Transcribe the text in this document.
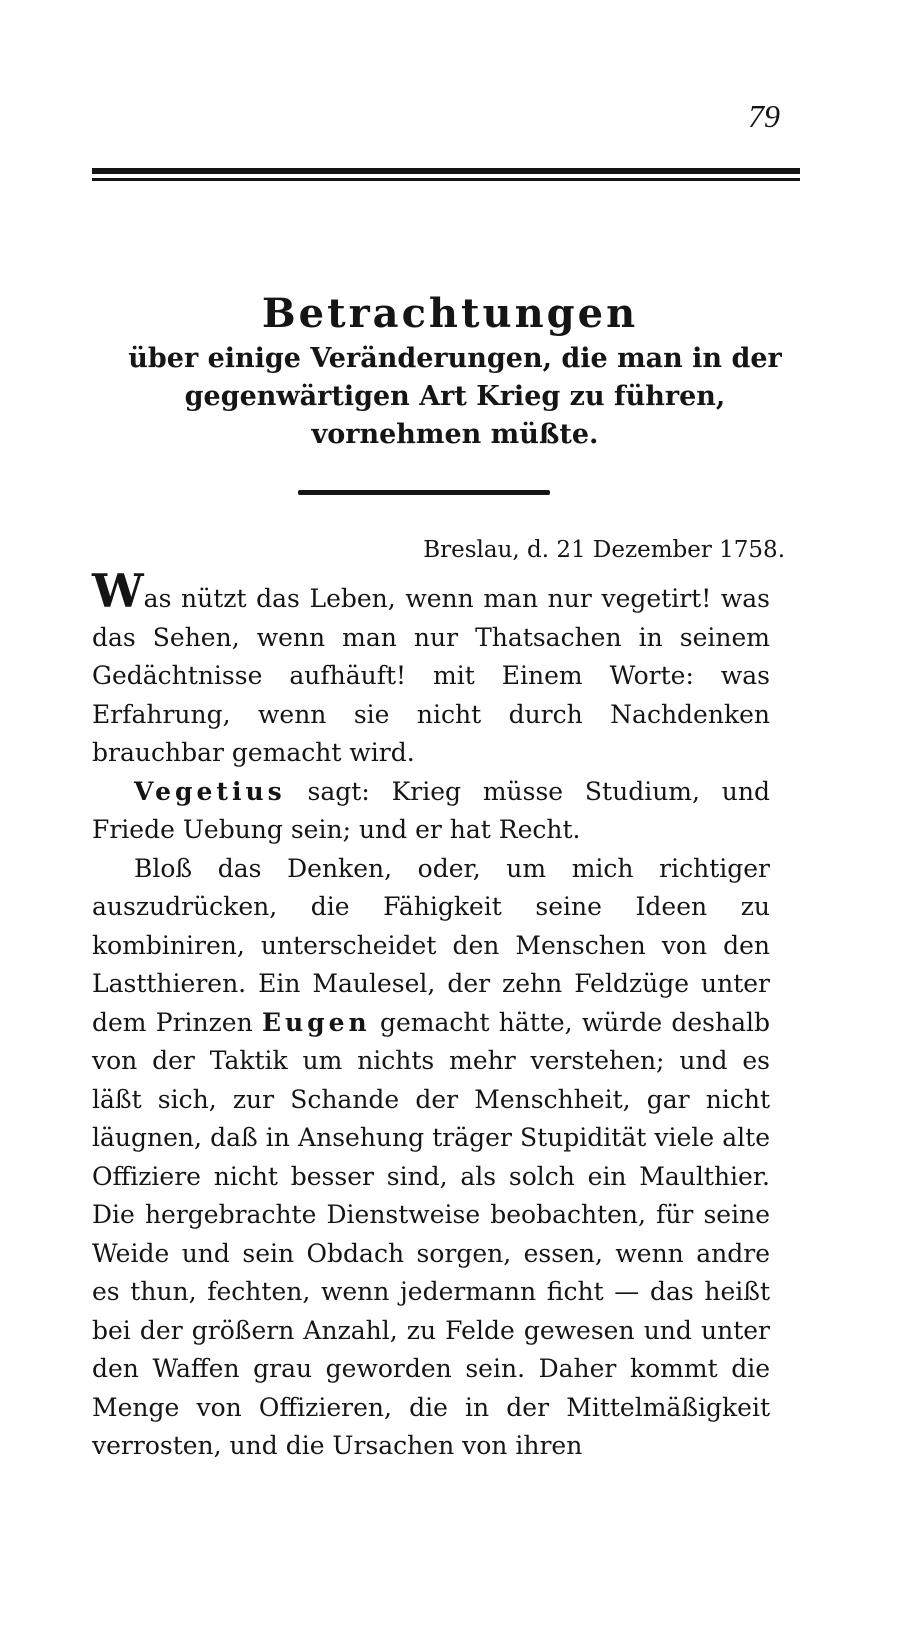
79
Betrachtungen
über einige Veränderungen, die man in der gegenwärtigen Art Krieg zu führen, vornehmen müßte.
Breslau, d. 21 Dezember 1758.

Was nützt das Leben, wenn man nur vegetirt! was das Sehen, wenn man nur Thatsachen in seinem Gedächtnisse aufhäuft! mit Einem Worte: was Erfahrung, wenn sie nicht durch Nachdenken brauchbar gemacht wird.

Vegetius sagt: Krieg müsse Studium, und Friede Uebung sein; und er hat Recht.

Bloß das Denken, oder, um mich richtiger auszudrücken, die Fähigkeit seine Ideen zu kombiniren, unterscheidet den Menschen von den Lastthieren. Ein Maulesel, der zehn Feldzüge unter dem Prinzen Eugen gemacht hätte, würde deshalb von der Taktik um nichts mehr verstehen; und es läßt sich, zur Schande der Menschheit, gar nicht läugnen, daß in Ansehung träger Stupidität viele alte Offiziere nicht besser sind, als solch ein Maulthier. Die hergebrachte Dienstweise beobachten, für seine Weide und sein Obdach sorgen, essen, wenn andre es thun, fechten, wenn jedermann ficht — das heißt bei der größern Anzahl, zu Felde gewesen und unter den Waffen grau geworden sein. Daher kommt die Menge von Offizieren, die in der Mittelmäßigkeit verrosten, und die Ursachen von ihren
